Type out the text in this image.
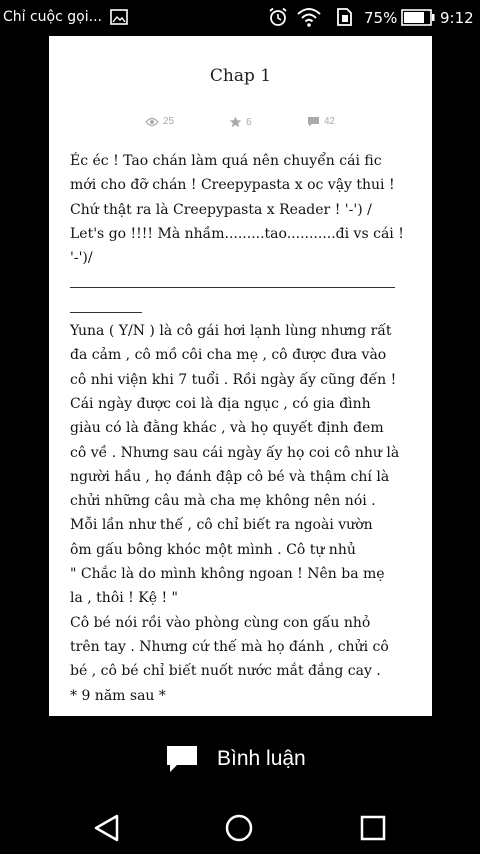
Chỉ cuộc gọi...	75%	9:12
Chap 1
25	6	42
Éc éc ! Tao chán làm quá nên chuyển cái fic
mới cho đỡ chán ! Creepypasta x oc vậy thui !
Chứ thật ra là Creepypasta x Reader ! '-') /
Let's go !!!! Mà nhầm.........tao...........đi vs cái !
'-')/
Yuna ( Y/N ) là cô gái hơi lạnh lùng nhưng rất
đa cảm , cô mồ côi cha mẹ , cô được đưa vào
cô nhi viện khi 7 tuổi . Rồi ngày ấy cũng đến !
Cái ngày được coi là địa ngục , có gia đình
giàu có là đằng khác , và họ quyết định đem
cô về . Nhưng sau cái ngày ấy họ coi cô như là
người hầu , họ đánh đập cô bé và thậm chí là
chửi những câu mà cha mẹ không nên nói .
Mỗi lần như thế , cô chỉ biết ra ngoài vườn
ôm gấu bông khóc một mình . Cô tự nhủ
" Chắc là do mình không ngoan ! Nên ba mẹ
la , thôi ! Kệ ! "
Cô bé nói rồi vào phòng cùng con gấu nhỏ
trên tay . Nhưng cứ thế mà họ đánh , chửi cô
bé , cô bé chỉ biết nuốt nước mắt đắng cay .
* 9 năm sau *
Bình luận
